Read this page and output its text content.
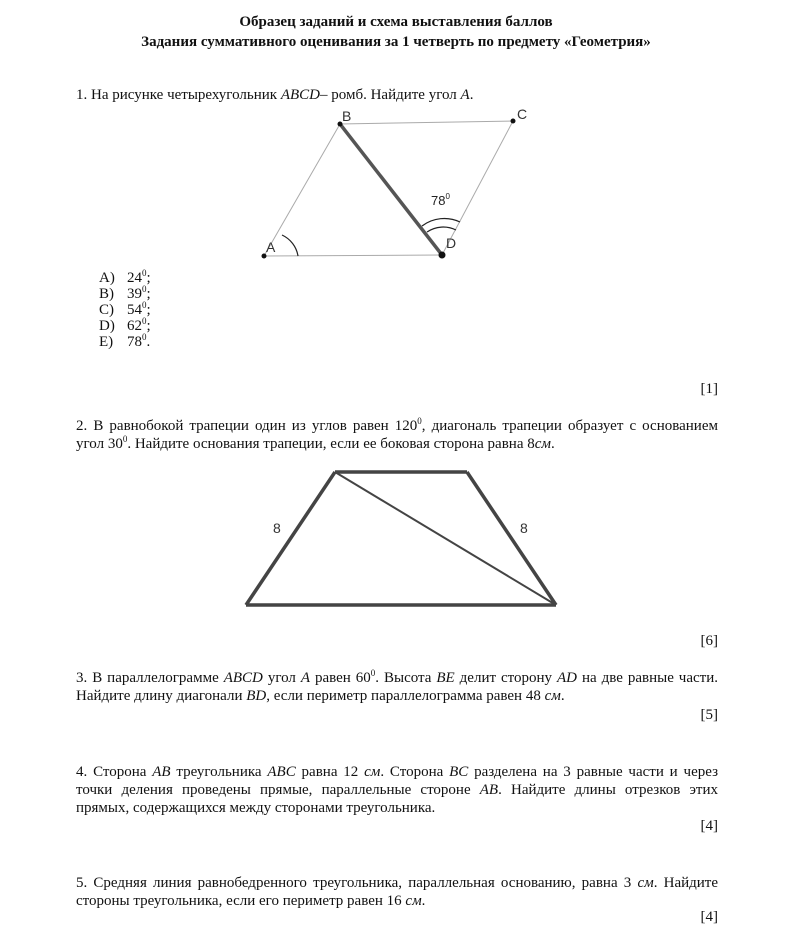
Образец заданий и схема выставления баллов
Задания суммативного оценивания за 1 четверть по предмету «Геометрия»
1. На рисунке четырехугольник ABCD– ромб. Найдите угол A.
A
B	C
D
$78^0$
A) $24^0$;
B) $39^0$;
C) $54^0$;
D) $62^0$;
E) $78^0$.
[1]
2. В равнобокой трапеции один из углов равен $120^0$, диагональ трапеции образует с основанием угол $30^0$. Найдите основания трапеции, если ее боковая сторона равна 8см.
8	8
[6]
3. В параллелограмме ABCD угол A равен $60^0$. Высота BE делит сторону AD на две равные части. Найдите длину диагонали BD, если периметр параллелограмма равен 48 см.
[5]
4. Сторона AB треугольника ABC равна 12 см. Сторона BC разделена на 3 равные части и через точки деления проведены прямые, параллельные стороне AB. Найдите длины отрезков этих прямых, содержащихся между сторонами треугольника.
[4]
5. Средняя линия равнобедренного треугольника, параллельная основанию, равна 3 см. Найдите стороны треугольника, если его периметр равен 16 см.
[4]
